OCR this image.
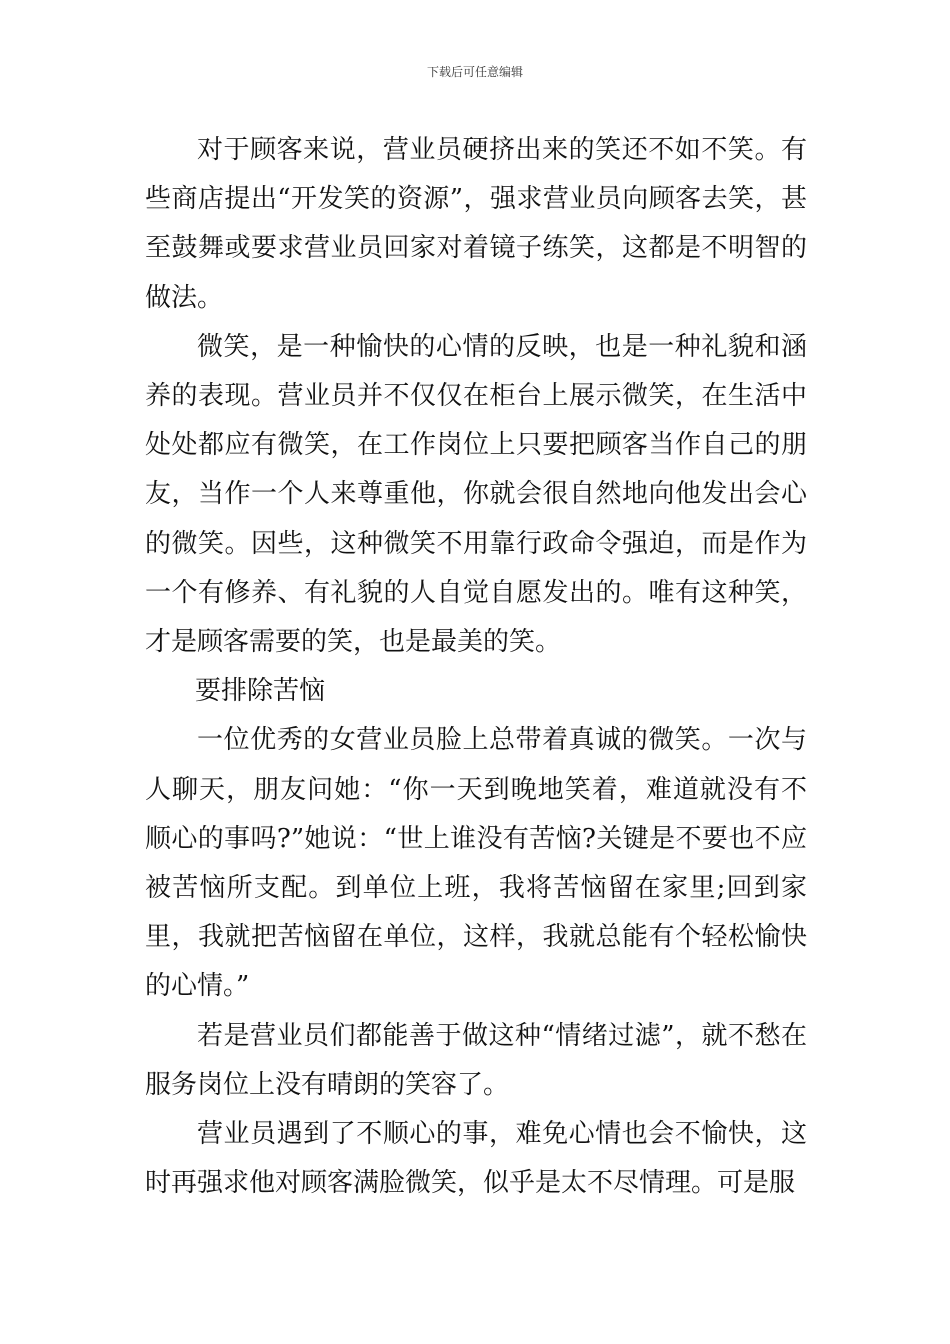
下载后可任意编辑

对于顾客来说，营业员硬挤出来的笑还不如不笑。有些商店提出“开发笑的资源”，强求营业员向顾客去笑，甚至鼓舞或要求营业员回家对着镜子练笑，这都是不明智的做法。

微笑，是一种愉快的心情的反映，也是一种礼貌和涵养的表现。营业员并不仅仅在柜台上展示微笑，在生活中处处都应有微笑，在工作岗位上只要把顾客当作自己的朋友，当作一个人来尊重他，你就会很自然地向他发出会心的微笑。因些，这种微笑不用靠行政命令强迫，而是作为一个有修养、有礼貌的人自觉自愿发出的。唯有这种笑，才是顾客需要的笑，也是最美的笑。

要排除苦恼

一位优秀的女营业员脸上总带着真诚的微笑。一次与人聊天，朋友问她：“你一天到晚地笑着，难道就没有不顺心的事吗?”她说：“世上谁没有苦恼?关键是不要也不应被苦恼所支配。到单位上班，我将苦恼留在家里;回到家里，我就把苦恼留在单位，这样，我就总能有个轻松愉快的心情。”

若是营业员们都能善于做这种“情绪过滤”，就不愁在服务岗位上没有晴朗的笑容了。

营业员遇到了不顺心的事，难免心情也会不愉快，这时再强求他对顾客满脸微笑，似乎是太不尽情理。可是服
